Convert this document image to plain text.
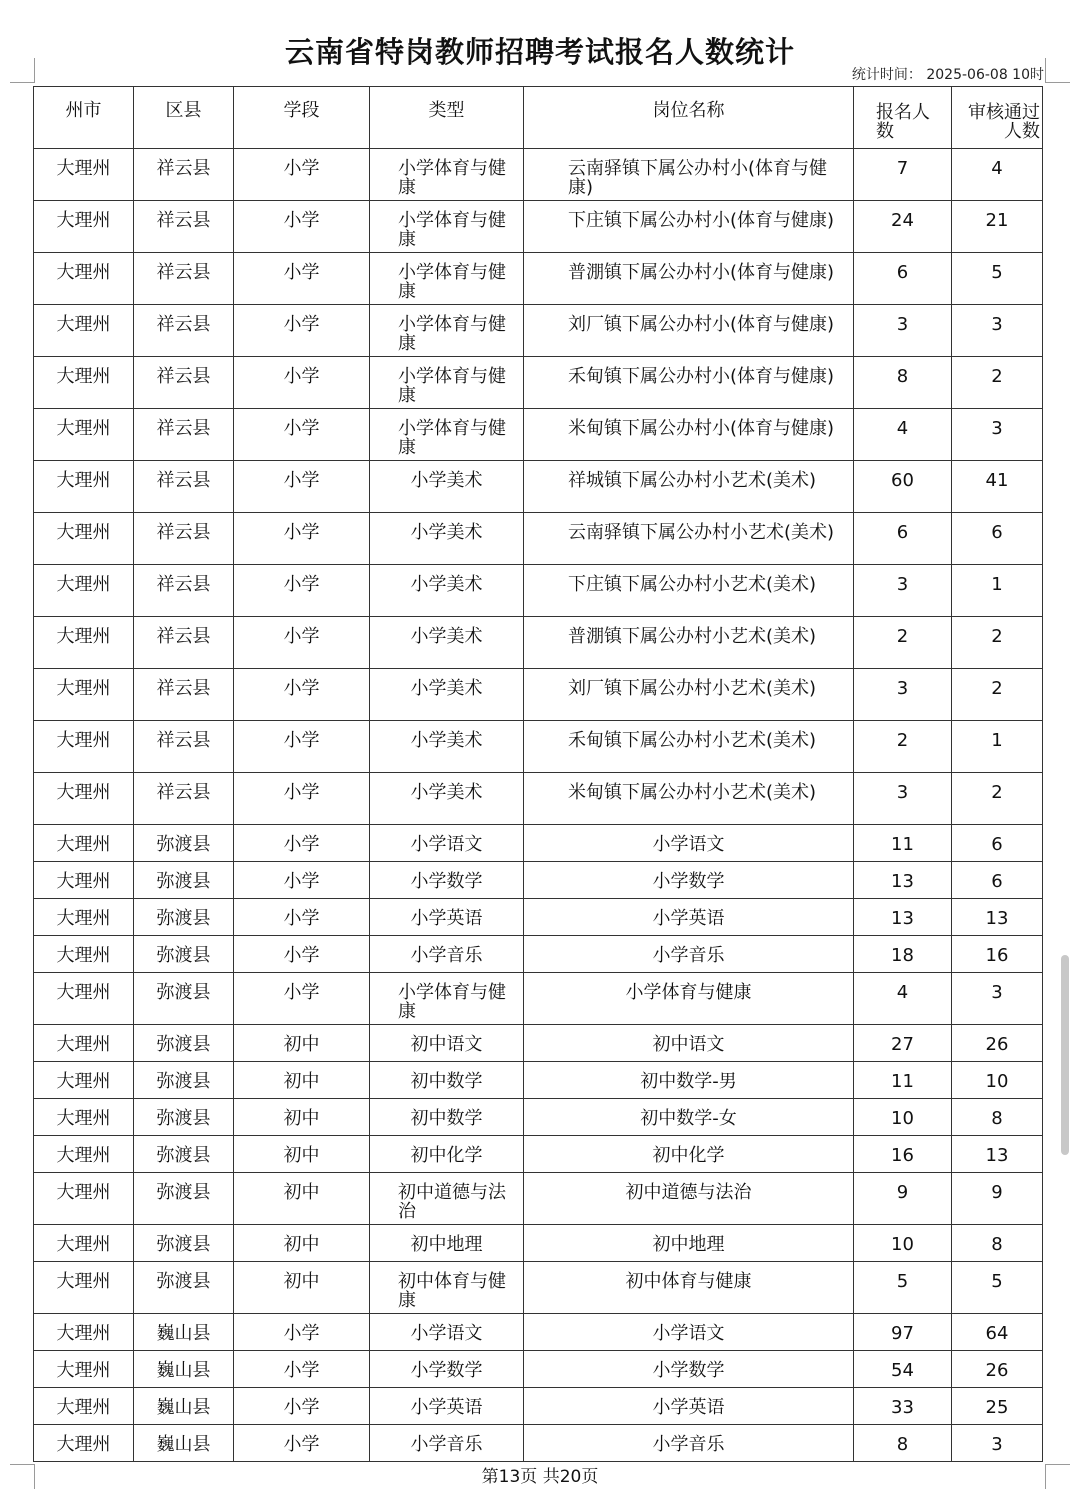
云南省特岗教师招聘考试报名人数统计
统计时间： 2025-06-08 10时
州市	区县	学段	类型	岗位名称	报名人数	审核通过人数
大理州	祥云县	小学	小学体育与健康	云南驿镇下属公办村小(体育与健康)	7	4
大理州	祥云县	小学	小学体育与健康	下庄镇下属公办村小(体育与健康)	24	21
大理州	祥云县	小学	小学体育与健康	普淜镇下属公办村小(体育与健康)	6	5
大理州	祥云县	小学	小学体育与健康	刘厂镇下属公办村小(体育与健康)	3	3
大理州	祥云县	小学	小学体育与健康	禾甸镇下属公办村小(体育与健康)	8	2
大理州	祥云县	小学	小学体育与健康	米甸镇下属公办村小(体育与健康)	4	3
大理州	祥云县	小学	小学美术	祥城镇下属公办村小艺术(美术)	60	41
大理州	祥云县	小学	小学美术	云南驿镇下属公办村小艺术(美术)	6	6
大理州	祥云县	小学	小学美术	下庄镇下属公办村小艺术(美术)	3	1
大理州	祥云县	小学	小学美术	普淜镇下属公办村小艺术(美术)	2	2
大理州	祥云县	小学	小学美术	刘厂镇下属公办村小艺术(美术)	3	2
大理州	祥云县	小学	小学美术	禾甸镇下属公办村小艺术(美术)	2	1
大理州	祥云县	小学	小学美术	米甸镇下属公办村小艺术(美术)	3	2
大理州	弥渡县	小学	小学语文	小学语文	11	6
大理州	弥渡县	小学	小学数学	小学数学	13	6
大理州	弥渡县	小学	小学英语	小学英语	13	13
大理州	弥渡县	小学	小学音乐	小学音乐	18	16
大理州	弥渡县	小学	小学体育与健康	小学体育与健康	4	3
大理州	弥渡县	初中	初中语文	初中语文	27	26
大理州	弥渡县	初中	初中数学	初中数学-男	11	10
大理州	弥渡县	初中	初中数学	初中数学-女	10	8
大理州	弥渡县	初中	初中化学	初中化学	16	13
大理州	弥渡县	初中	初中道德与法治	初中道德与法治	9	9
大理州	弥渡县	初中	初中地理	初中地理	10	8
大理州	弥渡县	初中	初中体育与健康	初中体育与健康	5	5
大理州	巍山县	小学	小学语文	小学语文	97	64
大理州	巍山县	小学	小学数学	小学数学	54	26
大理州	巍山县	小学	小学英语	小学英语	33	25
大理州	巍山县	小学	小学音乐	小学音乐	8	3
第13页 共20页
